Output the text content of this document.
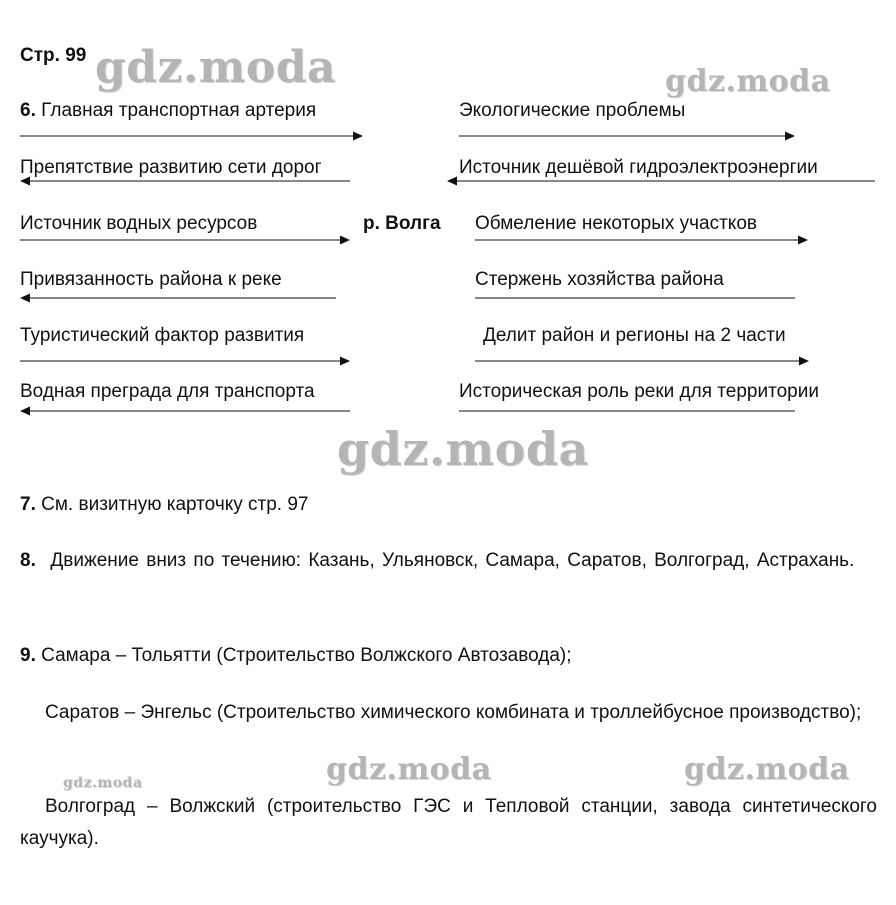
Стр. 99 gdz.moda	gdz.moda
gdz.moda
gdz.moda	gdz.moda	gdz.moda
6. Главная транспортная артерия
Препятствие развитию сети дорог
Источник водных ресурсов
Привязанность района к реке
Туристический фактор развития
Водная преграда для транспорта
р. Волга
Экологические проблемы
Источник дешёвой гидроэлектроэнергии
Обмеление некоторых участков
Стержень хозяйства района
Делит район и регионы на 2 части
Историческая роль реки для территории
7. См. визитную карточку стр. 97
8. Движение вниз по течению: Казань, Ульяновск, Самара, Саратов, Волгоград, Астрахань.
9. Самара – Тольятти (Строительство Волжского Автозавода);
Саратов – Энгельс (Строительство химического комбината и троллейбусное производство);
Волгоград – Волжский (строительство ГЭС и Тепловой станции, завода синтетического каучука).
